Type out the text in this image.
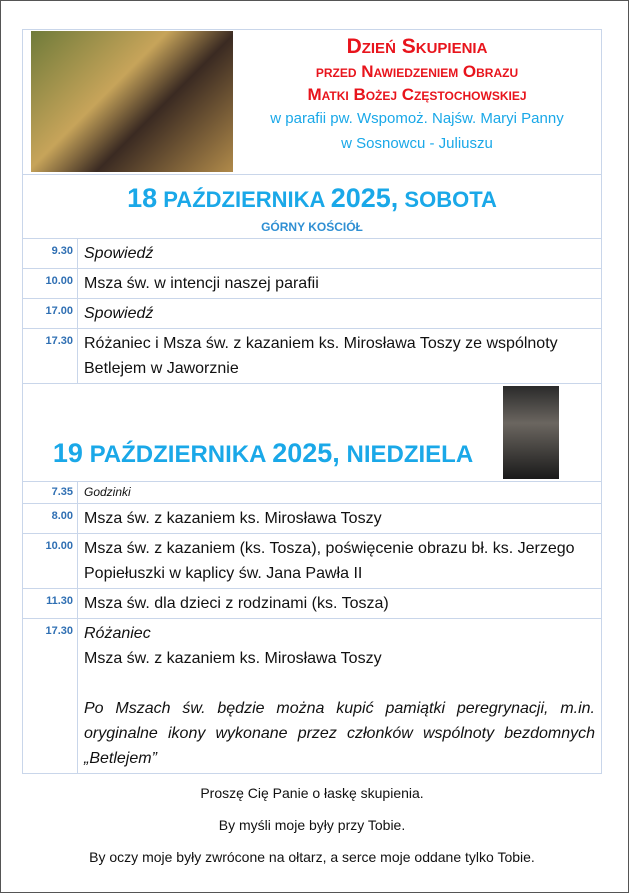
Dzień Skupienia
przed Nawiedzeniem Obrazu
Matki Bożej Częstochowskiej
w parafii pw. Wspomoż. Najśw. Maryi Panny
w Sosnowcu - Juliuszu	

18 PAŹDZIERNIKA 2025, SOBOTA
GÓRNY KOŚCIÓŁ	

9.30	Spowiedź
10.00	Msza św. w intencji naszej parafii
17.00	Spowiedź
17.30	Różaniec i Msza św. z kazaniem ks. Mirosława Toszy ze wspólnoty Betlejem w Jaworznie

19 PAŹDZIERNIKA 2025, NIEDZIELA	

7.35	Godzinki
8.00	Msza św. z kazaniem ks. Mirosława Toszy
10.00	Msza św. z kazaniem (ks. Tosza), poświęcenie obrazu bł. ks. Jerzego Popiełuszki w kaplicy św. Jana Pawła II
11.30	Msza św. dla dzieci z rodzinami (ks. Tosza)
17.30	Różaniec
Msza św. z kazaniem ks. Mirosława Toszy
Po Mszach św. będzie można kupić pamiątki peregrynacji, m.in. oryginalne ikony wykonane przez członków wspólnoty bezdomnych „Betlejem”
Proszę Cię Panie o łaskę skupienia.
By myśli moje były przy Tobie.
By oczy moje były zwrócone na ołtarz, a serce moje oddane tylko Tobie.
